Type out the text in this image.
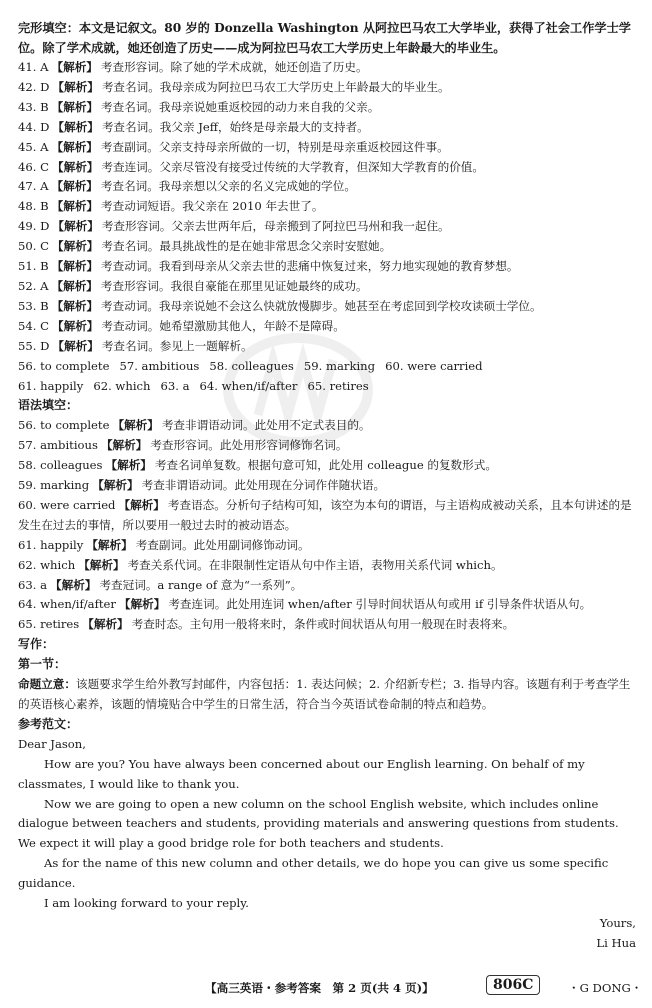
完形填空：本文是记叙文。80 岁的 Donzella Washington 从阿拉巴马农工大学毕业，获得了社会工作学士学位。除了学术成就，她还创造了历史——成为阿拉巴马农工大学历史上年龄最大的毕业生。

41. A 【解析】 考查形容词。除了她的学术成就，她还创造了历史。

42. D 【解析】 考查名词。我母亲成为阿拉巴马农工大学历史上年龄最大的毕业生。

43. B 【解析】 考查名词。我母亲说她重返校园的动力来自我的父亲。

44. D 【解析】 考查名词。我父亲 Jeff，始终是母亲最大的支持者。

45. A 【解析】 考查副词。父亲支持母亲所做的一切，特别是母亲重返校园这件事。

46. C 【解析】 考查连词。父亲尽管没有接受过传统的大学教育，但深知大学教育的价值。

47. A 【解析】 考查名词。我母亲想以父亲的名义完成她的学位。

48. B 【解析】 考查动词短语。我父亲在 2010 年去世了。

49. D 【解析】 考查形容词。父亲去世两年后，母亲搬到了阿拉巴马州和我一起住。

50. C 【解析】 考查名词。最具挑战性的是在她非常思念父亲时安慰她。

51. B 【解析】 考查动词。我看到母亲从父亲去世的悲痛中恢复过来，努力地实现她的教育梦想。

52. A 【解析】 考查形容词。我很自豪能在那里见证她最终的成功。

53. B 【解析】 考查动词。我母亲说她不会这么快就放慢脚步。她甚至在考虑回到学校攻读硕士学位。

54. C 【解析】 考查动词。她希望激励其他人，年龄不是障碍。

55. D 【解析】 考查名词。参见上一题解析。

56. to complete 57. ambitious 58. colleagues 59. marking 60. were carried

61. happily 62. which 63. a 64. when/if/after 65. retires

语法填空：

56. to complete 【解析】 考查非谓语动词。此处用不定式表目的。

57. ambitious 【解析】 考查形容词。此处用形容词修饰名词。

58. colleagues 【解析】 考查名词单复数。根据句意可知，此处用 colleague 的复数形式。

59. marking 【解析】 考查非谓语动词。此处用现在分词作伴随状语。

60. were carried 【解析】 考查语态。分析句子结构可知，该空为本句的谓语，与主语构成被动关系，且本句讲述的是发生在过去的事情，所以要用一般过去时的被动语态。

61. happily 【解析】 考查副词。此处用副词修饰动词。

62. which 【解析】 考查关系代词。在非限制性定语从句中作主语，表物用关系代词 which。

63. a 【解析】 考查冠词。a range of 意为“一系列”。

64. when/if/after 【解析】 考查连词。此处用连词 when/after 引导时间状语从句或用 if 引导条件状语从句。

65. retires 【解析】 考查时态。主句用一般将来时，条件或时间状语从句用一般现在时表将来。

写作：

第一节：

命题立意：该题要求学生给外教写封邮件，内容包括：1. 表达问候；2. 介绍新专栏；3. 指导内容。该题有利于考查学生的英语核心素养，该题的情境贴合中学生的日常生活，符合当今英语试卷命制的特点和趋势。

参考范文：

Dear Jason,

How are you? You have always been concerned about our English learning. On behalf of my classmates, I would like to thank you.

Now we are going to open a new column on the school English website, which includes online dialogue between teachers and students, providing materials and answering questions from students. We expect it will play a good bridge role for both teachers and students.

As for the name of this new column and other details, we do hope you can give us some specific guidance.

I am looking forward to your reply.

Yours,

Li Hua

【高三英语・参考答案　第 2 页(共 4 页)】	806C	・G DONG・
